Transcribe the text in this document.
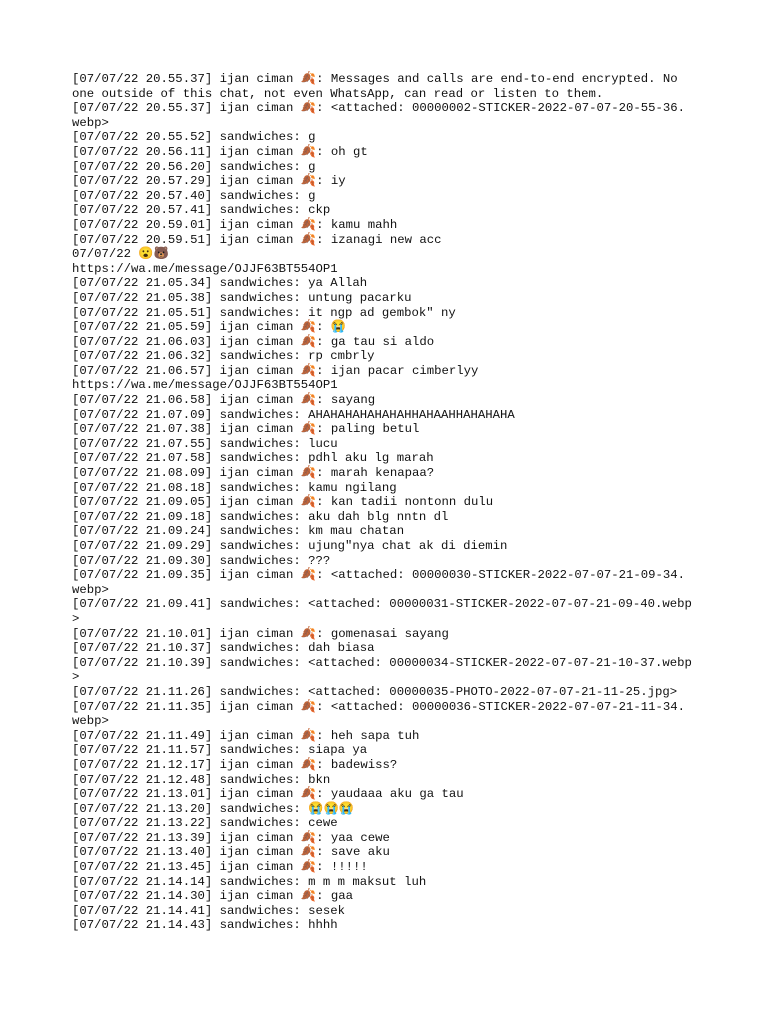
[07/07/22 20.55.37] ijan ciman 🍂: Messages and calls are end-to-end encrypted. No one outside of this chat, not even WhatsApp, can read or listen to them.
[07/07/22 20.55.37] ijan ciman 🍂: <attached: 00000002-STICKER-2022-07-07-20-55-36.webp>
[07/07/22 20.55.52] sandwiches: g
[07/07/22 20.56.11] ijan ciman 🍂: oh gt
[07/07/22 20.56.20] sandwiches: g
[07/07/22 20.57.29] ijan ciman 🍂: iy
[07/07/22 20.57.40] sandwiches: g
[07/07/22 20.57.41] sandwiches: ckp
[07/07/22 20.59.01] ijan ciman 🍂: kamu mahh
[07/07/22 20.59.51] ijan ciman 🍂: izanagi new acc
07/07/22 😮🐻
https://wa.me/message/OJJF63BT554OP1
[07/07/22 21.05.34] sandwiches: ya Allah
[07/07/22 21.05.38] sandwiches: untung pacarku
[07/07/22 21.05.51] sandwiches: it ngp ad gembok" ny
[07/07/22 21.05.59] ijan ciman 🍂: 😭
[07/07/22 21.06.03] ijan ciman 🍂: ga tau si aldo
[07/07/22 21.06.32] sandwiches: rp cmbrly
[07/07/22 21.06.57] ijan ciman 🍂: ijan pacar cimberlyy
https://wa.me/message/OJJF63BT554OP1
[07/07/22 21.06.58] ijan ciman 🍂: sayang
[07/07/22 21.07.09] sandwiches: AHAHAHAHAHAHAHHAHAAHHAHAHAHA
[07/07/22 21.07.38] ijan ciman 🍂: paling betul
[07/07/22 21.07.55] sandwiches: lucu
[07/07/22 21.07.58] sandwiches: pdhl aku lg marah
[07/07/22 21.08.09] ijan ciman 🍂: marah kenapaa?
[07/07/22 21.08.18] sandwiches: kamu ngilang
[07/07/22 21.09.05] ijan ciman 🍂: kan tadii nontonn dulu
[07/07/22 21.09.18] sandwiches: aku dah blg nntn dl
[07/07/22 21.09.24] sandwiches: km mau chatan
[07/07/22 21.09.29] sandwiches: ujung"nya chat ak di diemin
[07/07/22 21.09.30] sandwiches: ???
[07/07/22 21.09.35] ijan ciman 🍂: <attached: 00000030-STICKER-2022-07-07-21-09-34.webp>
[07/07/22 21.09.41] sandwiches: <attached: 00000031-STICKER-2022-07-07-21-09-40.webp>
[07/07/22 21.10.01] ijan ciman 🍂: gomenasai sayang
[07/07/22 21.10.37] sandwiches: dah biasa
[07/07/22 21.10.39] sandwiches: <attached: 00000034-STICKER-2022-07-07-21-10-37.webp>
[07/07/22 21.11.26] sandwiches: <attached: 00000035-PHOTO-2022-07-07-21-11-25.jpg>
[07/07/22 21.11.35] ijan ciman 🍂: <attached: 00000036-STICKER-2022-07-07-21-11-34.webp>
[07/07/22 21.11.49] ijan ciman 🍂: heh sapa tuh
[07/07/22 21.11.57] sandwiches: siapa ya
[07/07/22 21.12.17] ijan ciman 🍂: badewiss?
[07/07/22 21.12.48] sandwiches: bkn
[07/07/22 21.13.01] ijan ciman 🍂: yaudaaa aku ga tau
[07/07/22 21.13.20] sandwiches: 😭😭😭
[07/07/22 21.13.22] sandwiches: cewe
[07/07/22 21.13.39] ijan ciman 🍂: yaa cewe
[07/07/22 21.13.40] ijan ciman 🍂: save aku
[07/07/22 21.13.45] ijan ciman 🍂: !!!!!
[07/07/22 21.14.14] sandwiches: m m m maksut luh
[07/07/22 21.14.30] ijan ciman 🍂: gaa
[07/07/22 21.14.41] sandwiches: sesek
[07/07/22 21.14.43] sandwiches: hhhh
